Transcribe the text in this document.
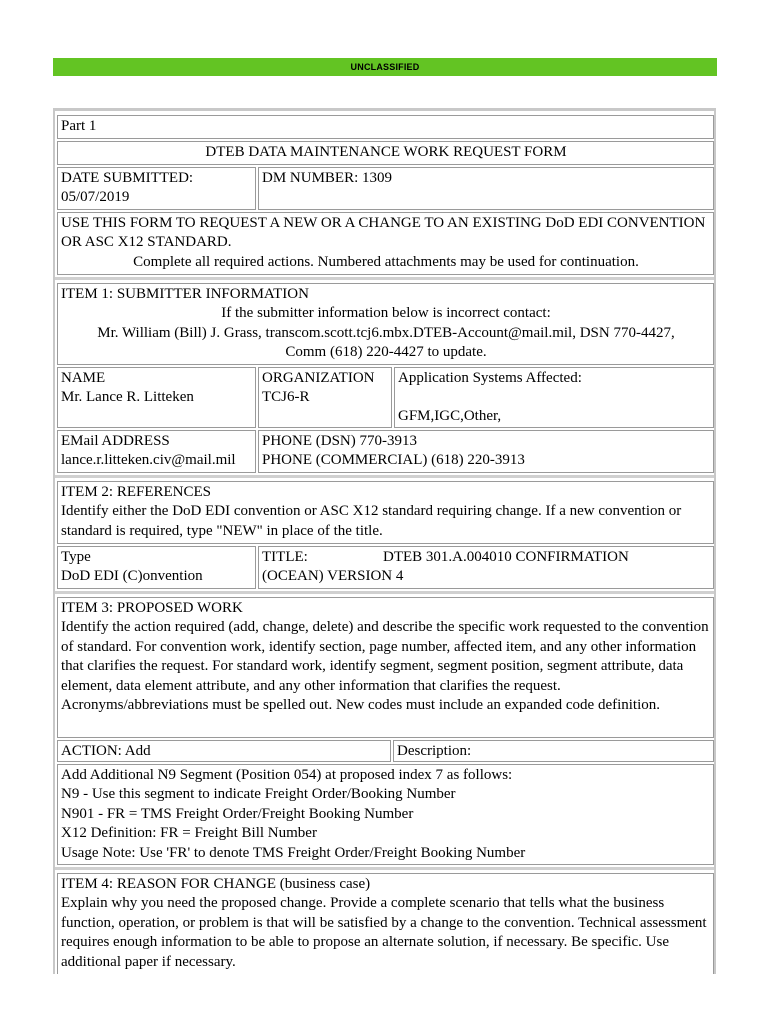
UNCLASSIFIED
Part 1
DTEB DATA MAINTENANCE WORK REQUEST FORM
DATE SUBMITTED:
05/07/2019
DM NUMBER: 1309
USE THIS FORM TO REQUEST A NEW OR A CHANGE TO AN EXISTING DoD EDI CONVENTION OR ASC X12 STANDARD.
Complete all required actions. Numbered attachments may be used for continuation.
ITEM 1: SUBMITTER INFORMATION
If the submitter information below is incorrect contact:
Mr. William (Bill) J. Grass, transcom.scott.tcj6.mbx.DTEB-Account@mail.mil, DSN 770-4427,
Comm (618) 220-4427 to update.
NAME
Mr. Lance R. Litteken
ORGANIZATION
TCJ6-R
Application Systems Affected:
GFM,IGC,Other,
EMail ADDRESS
lance.r.litteken.civ@mail.mil
PHONE (DSN) 770-3913
PHONE (COMMERCIAL) (618) 220-3913
ITEM 2: REFERENCES
Identify either the DoD EDI convention or ASC X12 standard requiring change. If a new convention or standard is required, type "NEW" in place of the title.
Type
DoD EDI (C)onvention
TITLE:	DTEB 301.A.004010 CONFIRMATION
(OCEAN) VERSION 4
ITEM 3: PROPOSED WORK
Identify the action required (add, change, delete) and describe the specific work requested to the convention of standard. For convention work, identify section, page number, affected item, and any other information that clarifies the request. For standard work, identify segment, segment position, segment attribute, data element, data element attribute, and any other information that clarifies the request. Acronyms/abbreviations must be spelled out. New codes must include an expanded code definition.
ACTION: Add	Description:
Add Additional N9 Segment (Position 054) at proposed index 7 as follows:
N9 - Use this segment to indicate Freight Order/Booking Number
N901 - FR = TMS Freight Order/Freight Booking Number
X12 Definition: FR = Freight Bill Number
Usage Note: Use 'FR' to denote TMS Freight Order/Freight Booking Number
ITEM 4: REASON FOR CHANGE (business case)
Explain why you need the proposed change. Provide a complete scenario that tells what the business function, operation, or problem is that will be satisfied by a change to the convention. Technical assessment requires enough information to be able to propose an alternate solution, if necessary. Be specific. Use additional paper if necessary.
